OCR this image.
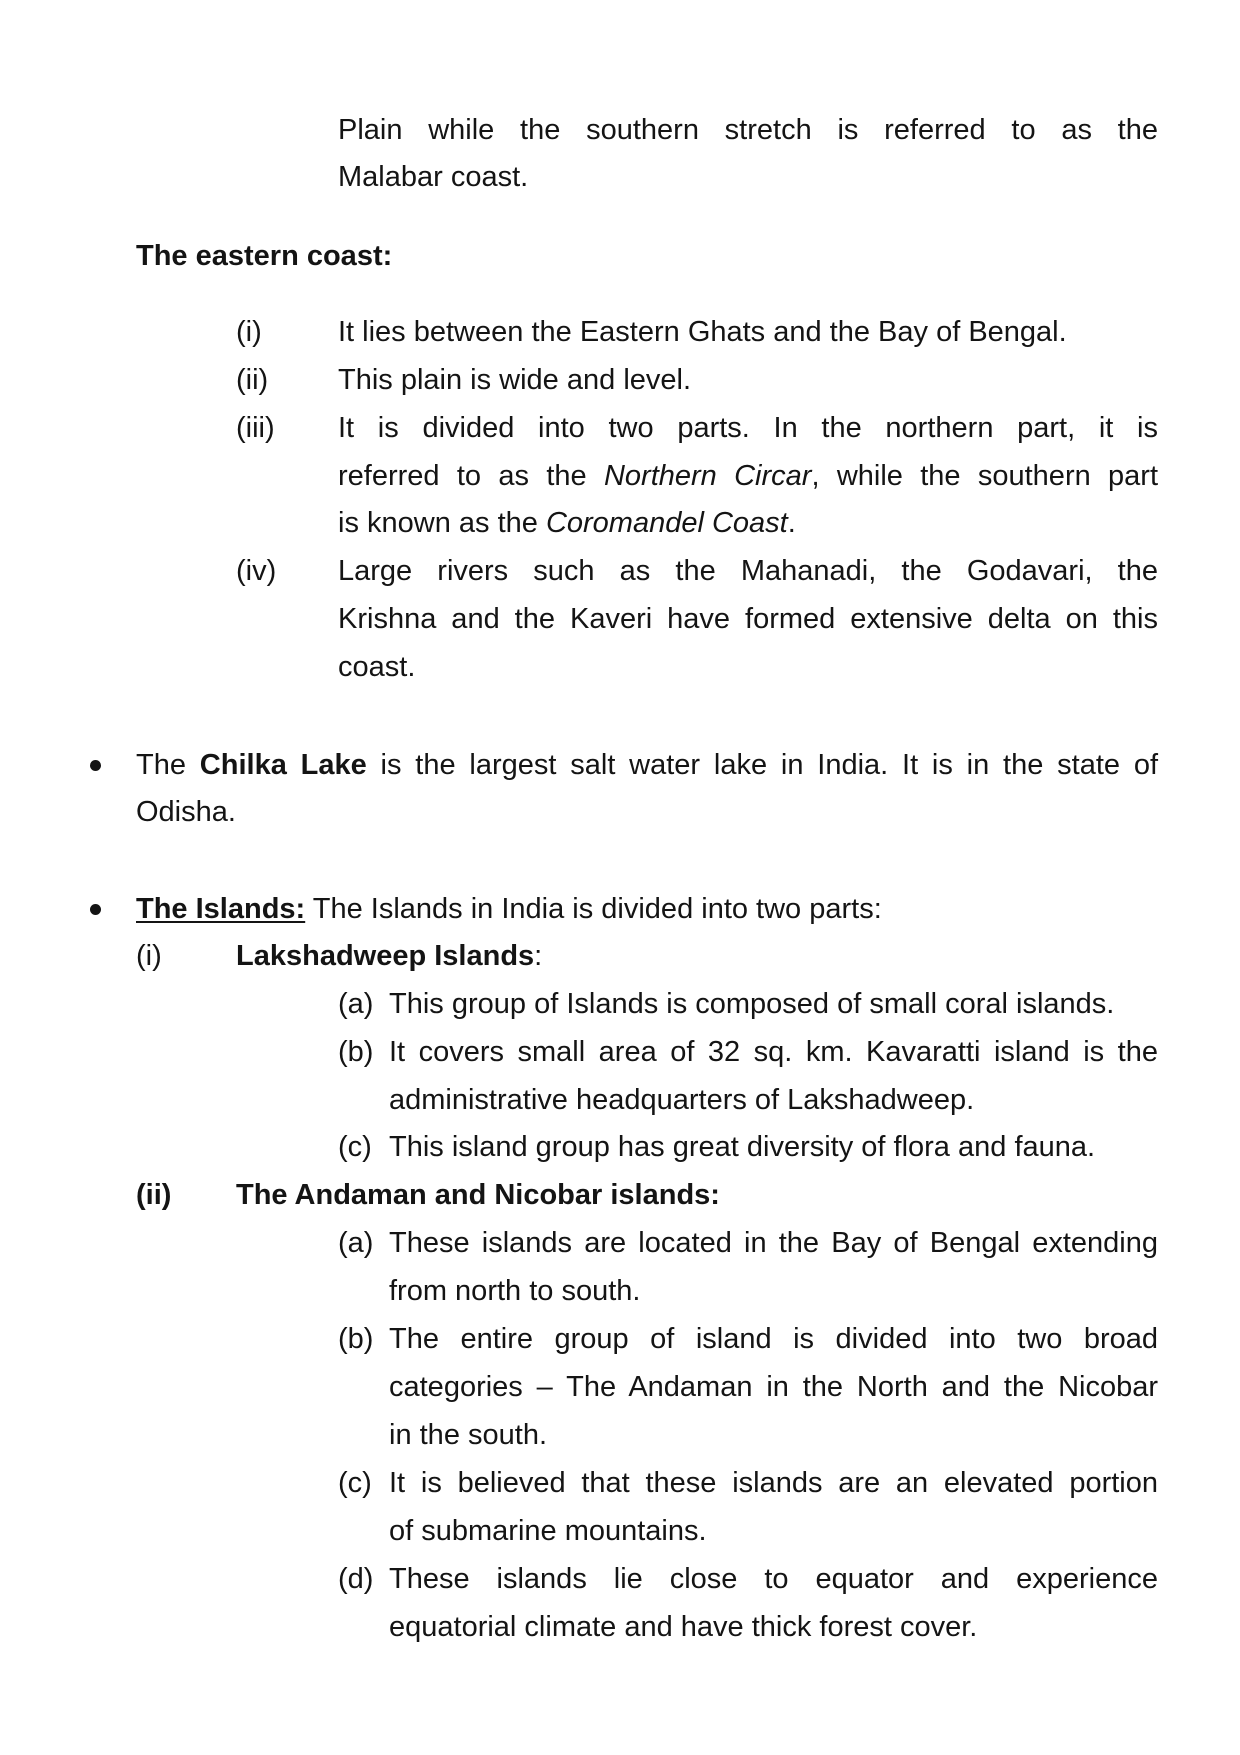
Plain while the southern stretch is referred to as the
Malabar coast.
The eastern coast:
(i)	It lies between the Eastern Ghats and the Bay of Bengal.
(ii) This plain is wide and level.
(iii) It is divided into two parts. In the northern part, it is
referred to as the Northern Circar, while the southern part
is known as the Coromandel Coast.
(iv) Large rivers such as the Mahanadi, the Godavari, the
Krishna and the Kaveri have formed extensive delta on this
coast.
The Chilka Lake is the largest salt water lake in India. It is in the state of
Odisha.
The Islands: The Islands in India is divided into two parts:
(i)	Lakshadweep Islands:
(a) This group of Islands is composed of small coral islands.
(b) It covers small area of 32 sq. km. Kavaratti island is the
administrative headquarters of Lakshadweep.
(c) This island group has great diversity of flora and fauna.
(ii) The Andaman and Nicobar islands:
(a) These islands are located in the Bay of Bengal extending
from north to south.
(b) The entire group of island is divided into two broad
categories – The Andaman in the North and the Nicobar
in the south.
(c) It is believed that these islands are an elevated portion
of submarine mountains.
(d) These islands lie close to equator and experience
equatorial climate and have thick forest cover.
